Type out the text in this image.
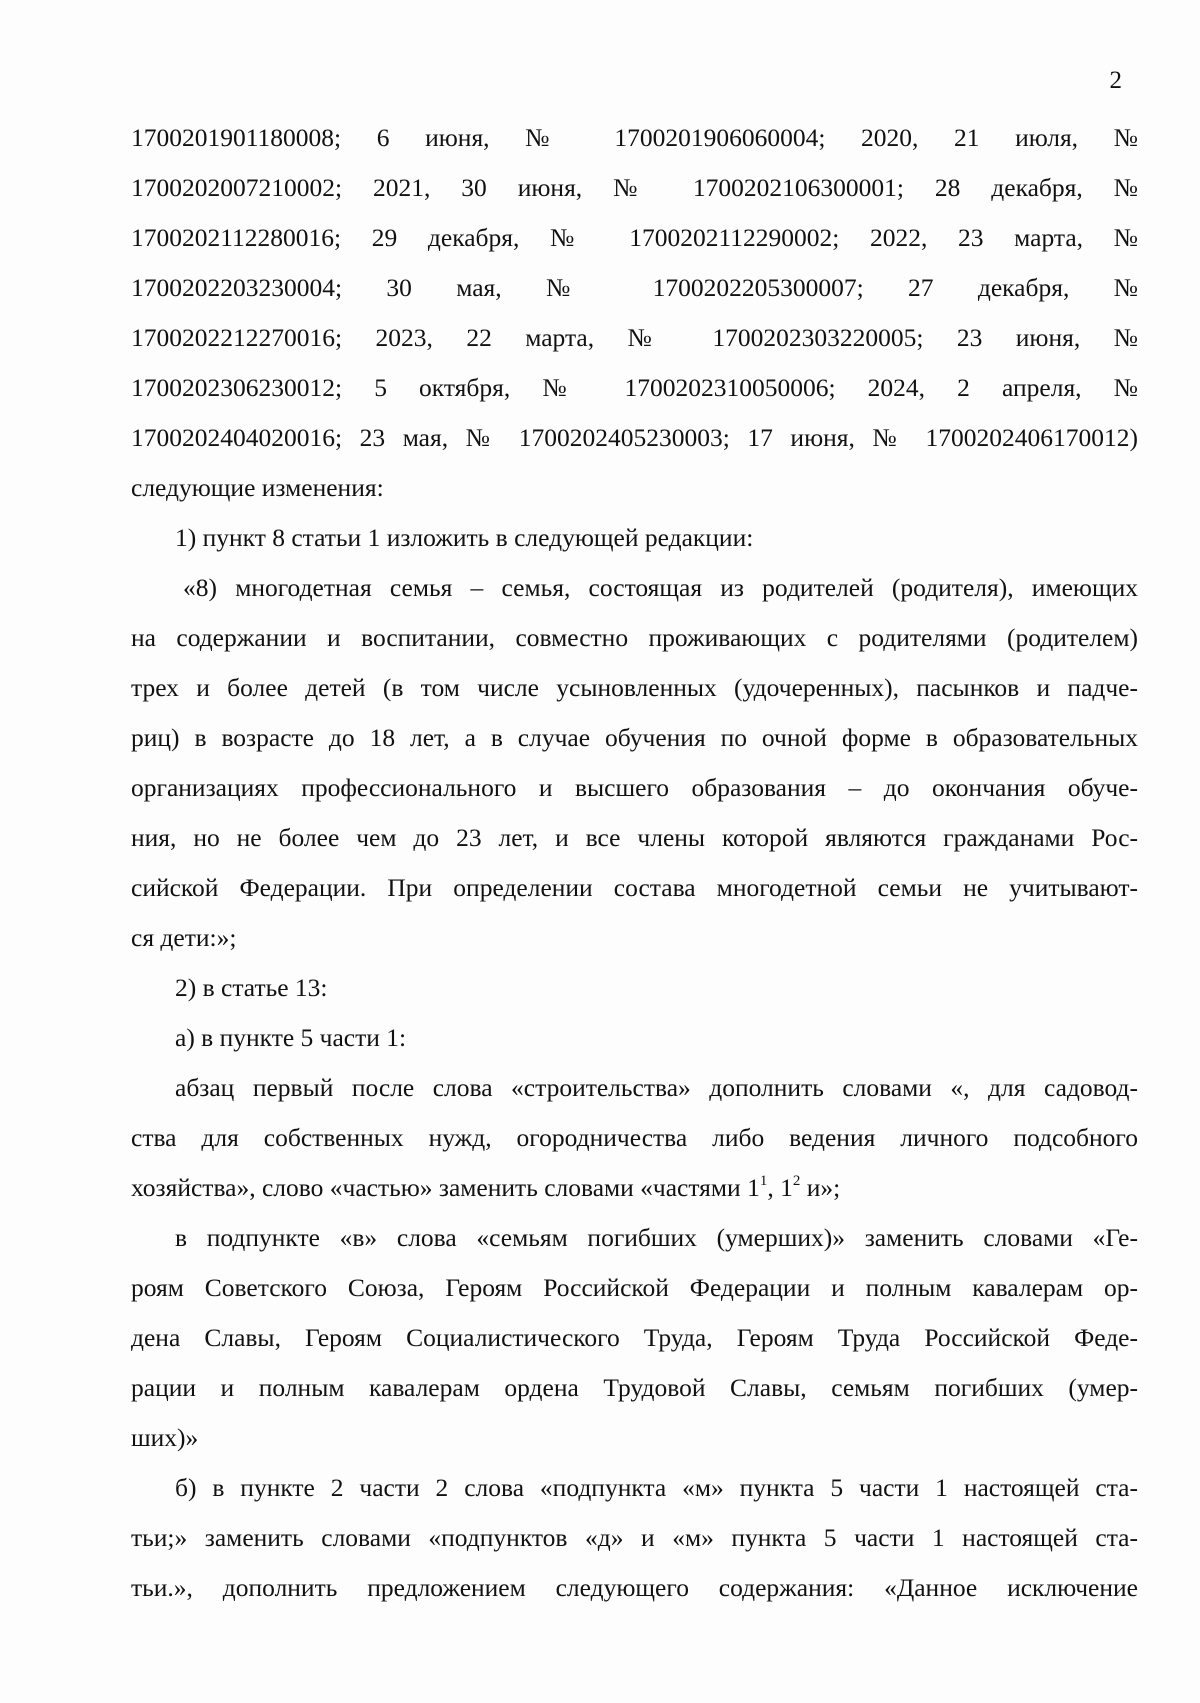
2
1700201901180008; 6 июня, № 1700201906060004; 2020, 21 июля, №
1700202007210002; 2021, 30 июня, № 1700202106300001; 28 декабря, №
1700202112280016; 29 декабря, № 1700202112290002; 2022, 23 марта, №
1700202203230004; 30 мая, № 1700202205300007; 27 декабря, №
1700202212270016; 2023, 22 марта, № 1700202303220005; 23 июня, №
1700202306230012; 5 октября, № 1700202310050006; 2024, 2 апреля, №
1700202404020016; 23 мая, № 1700202405230003; 17 июня, № 1700202406170012)
следующие изменения:
1) пункт 8 статьи 1 изложить в следующей редакции:
«8) многодетная семья – семья, состоящая из родителей (родителя), имеющих
на содержании и воспитании, совместно проживающих с родителями (родителем)
трех и более детей (в том числе усыновленных (удочеренных), пасынков и падче-
риц) в возрасте до 18 лет, а в случае обучения по очной форме в образовательных
организациях профессионального и высшего образования – до окончания обуче-
ния, но не более чем до 23 лет, и все члены которой являются гражданами Рос-
сийской Федерации. При определении состава многодетной семьи не учитывают-
ся дети:»;
2) в статье 13:
а) в пункте 5 части 1:
абзац первый после слова «строительства» дополнить словами «, для садовод-
ства для собственных нужд, огородничества либо ведения личного подсобного
хозяйства», слово «частью» заменить словами «частями $1^1$, $1^2$ и»;
в подпункте «в» слова «семьям погибших (умерших)» заменить словами «Ге-
роям Советского Союза, Героям Российской Федерации и полным кавалерам ор-
дена Славы, Героям Социалистического Труда, Героям Труда Российской Феде-
рации и полным кавалерам ордена Трудовой Славы, семьям погибших (умер-
ших)»
б) в пункте 2 части 2 слова «подпункта «м» пункта 5 части 1 настоящей ста-
тьи;» заменить словами «подпунктов «д» и «м» пункта 5 части 1 настоящей ста-
тьи.», дополнить предложением следующего содержания: «Данное исключение
